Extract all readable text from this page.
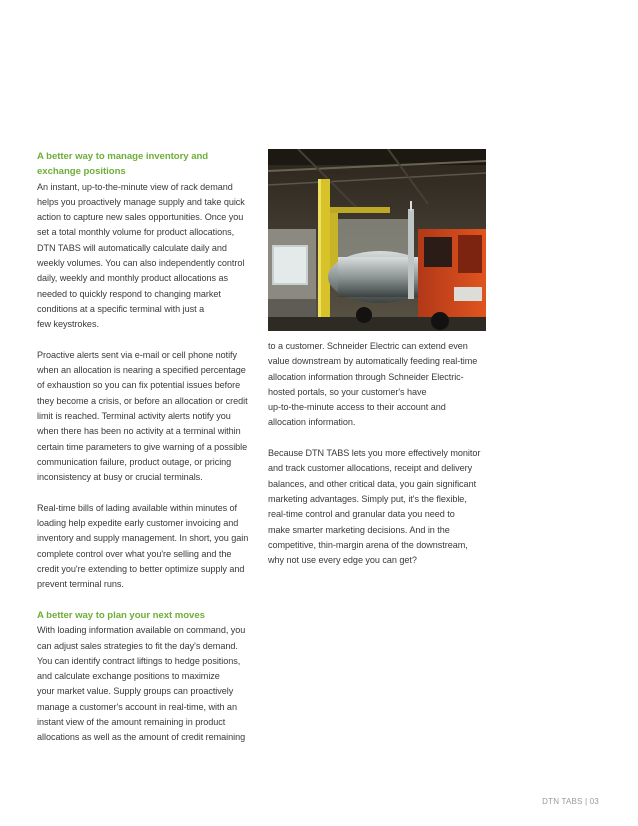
A better way to manage inventory and
exchange positions

An instant, up-to-the-minute view of rack demand
helps you proactively manage supply and take quick
action to capture new sales opportunities. Once you
set a total monthly volume for product allocations,
DTN TABS will automatically calculate daily and
weekly volumes. You can also independently control
daily, weekly and monthly product allocations as
needed to quickly respond to changing market
conditions at a specific terminal with just a
few keystrokes.

Proactive alerts sent via e-mail or cell phone notify
when an allocation is nearing a specified percentage
of exhaustion so you can fix potential issues before
they become a crisis, or before an allocation or credit
limit is reached. Terminal activity alerts notify you
when there has been no activity at a terminal within
certain time parameters to give warning of a possible
communication failure, product outage, or pricing
inconsistency at busy or crucial terminals.

Real-time bills of lading available within minutes of
loading help expedite early customer invoicing and
inventory and supply management. In short, you gain
complete control over what you're selling and the
credit you're extending to better optimize supply and
prevent terminal runs.

A better way to plan your next moves

With loading information available on command, you
can adjust sales strategies to fit the day's demand.
You can identify contract liftings to hedge positions,
and calculate exchange positions to maximize
your market value. Supply groups can proactively
manage a customer's account in real-time, with an
instant view of the amount remaining in product
allocations as well as the amount of credit remaining

to a customer. Schneider Electric can extend even
value downstream by automatically feeding real-time
allocation information through Schneider Electric-
hosted portals, so your customer's have
up-to-the-minute access to their account and
allocation information.

Because DTN TABS lets you more effectively monitor
and track customer allocations, receipt and delivery
balances, and other critical data, you gain significant
marketing advantages. Simply put, it's the flexible,
real-time control and granular data you need to
make smarter marketing decisions. And in the
competitive, thin-margin arena of the downstream,
why not use every edge you can get?

DTN TABS | 03
